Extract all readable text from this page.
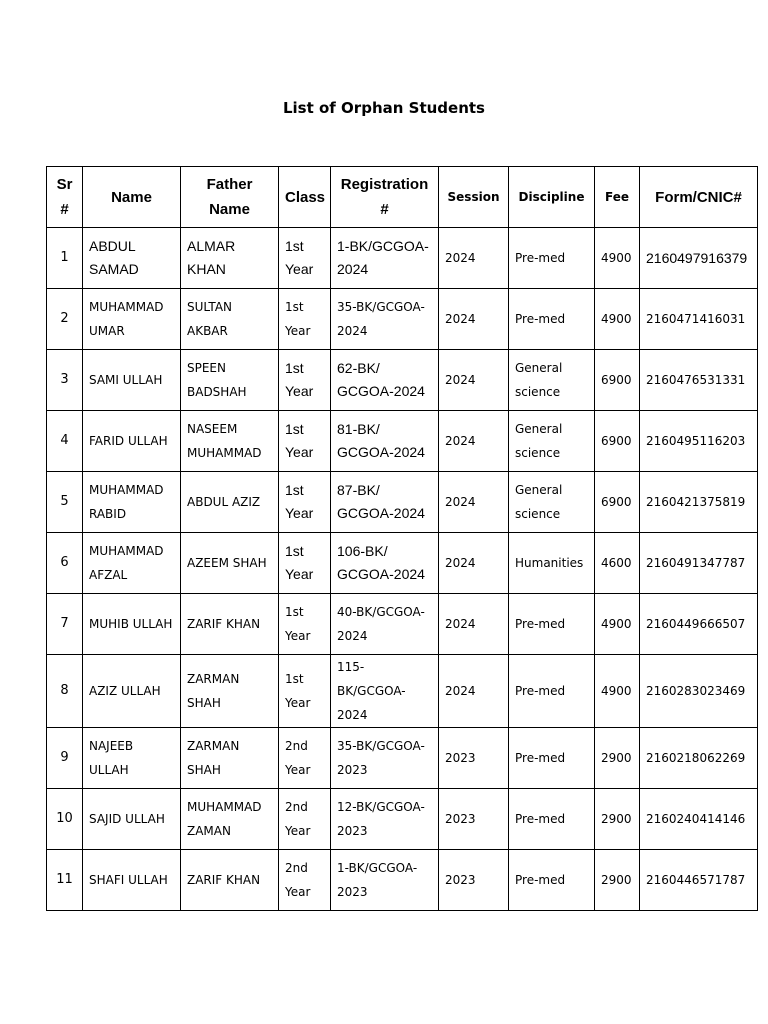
List of Orphan Students
Sr #	Name	Father Name	Class	Registration #	Session	Discipline	Fee	Form/CNIC#
1	ABDUL SAMAD	ALMAR KHAN	1st Year	1-BK/GCGOA-2024	2024	Pre-med	4900	2160497916379
2	MUHAMMAD UMAR	SULTAN AKBAR	1st Year	35-BK/GCGOA-2024	2024	Pre-med	4900	2160471416031
3	SAMI ULLAH	SPEEN BADSHAH	1st Year	62-BK/ GCGOA-2024	2024	General science	6900	2160476531331
4	FARID ULLAH	NASEEM MUHAMMAD	1st Year	81-BK/ GCGOA-2024	2024	General science	6900	2160495116203
5	MUHAMMAD RABID	ABDUL AZIZ	1st Year	87-BK/ GCGOA-2024	2024	General science	6900	2160421375819
6	MUHAMMAD AFZAL	AZEEM SHAH	1st Year	106-BK/ GCGOA-2024	2024	Humanities	4600	2160491347787
7	MUHIB ULLAH	ZARIF KHAN	1st Year	40-BK/GCGOA-2024	2024	Pre-med	4900	2160449666507
8	AZIZ ULLAH	ZARMAN SHAH	1st Year	115-BK/GCGOA-2024	2024	Pre-med	4900	2160283023469
9	NAJEEB ULLAH	ZARMAN SHAH	2nd Year	35-BK/GCGOA-2023	2023	Pre-med	2900	2160218062269
10	SAJID ULLAH	MUHAMMAD ZAMAN	2nd Year	12-BK/GCGOA-2023	2023	Pre-med	2900	2160240414146
11	SHAFI ULLAH	ZARIF KHAN	2nd Year	1-BK/GCGOA-2023	2023	Pre-med	2900	2160446571787
